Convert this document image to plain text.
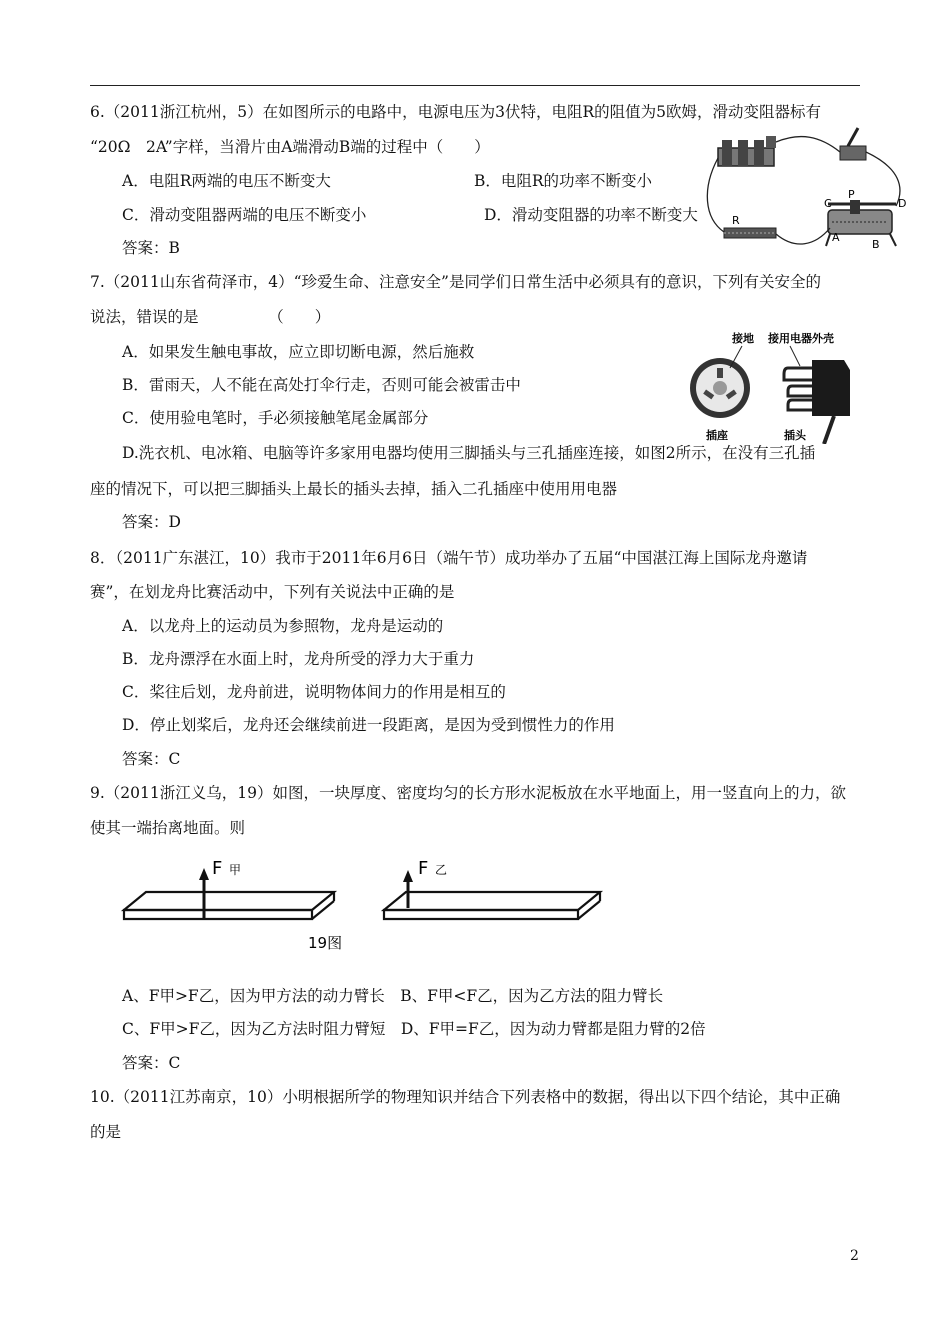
6.（2011浙江杭州，5）在如图所示的电路中，电源电压为3伏特，电阻R的阻值为5欧姆，滑动变阻器标有
“20Ω　2A”字样，当滑片由A端滑动B端的过程中（　　）
A．电阻R两端的电压不断变大	B．电阻R的功率不断变小
C．滑动变阻器两端的电压不断变小	D．滑动变阻器的功率不断变大
答案：B
R
C
P
D
A
B
7.（2011山东省荷泽市，4）“珍爱生命、注意安全”是同学们日常生活中必须具有的意识，下列有关安全的
说法，错误的是　　　　　（　　）
A．如果发生触电事故，应立即切断电源，然后施救
B．雷雨天，人不能在高处打伞行走，否则可能会被雷击中
C．使用验电笔时，手必须接触笔尾金属部分
D.洗衣机、电冰箱、电脑等许多家用电器均使用三脚插头与三孔插座连接，如图2所示，在没有三孔插
座的情况下，可以把三脚插头上最长的插头去掉，插入二孔插座中使用用电器
答案：D
接地 接用电器外壳
插座	插头
8．（2011广东湛江，10）我市于2011年6月6日（端午节）成功举办了五届“中国湛江海上国际龙舟邀请
赛”，在划龙舟比赛活动中，下列有关说法中正确的是
A．以龙舟上的运动员为参照物，龙舟是运动的
B．龙舟漂浮在水面上时，龙舟所受的浮力大于重力
C．桨往后划，龙舟前进，说明物体间力的作用是相互的
D．停止划桨后，龙舟还会继续前进一段距离，是因为受到惯性力的作用
答案：C
9.（2011浙江义乌，19）如图，一块厚度、密度均匀的长方形水泥板放在水平地面上，用一竖直向上的力，欲
使其一端抬离地面。则
F 甲	F 乙
19图
A、F甲>F乙，因为甲方法的动力臂长　B、F甲<F乙，因为乙方法的阻力臂长
C、F甲>F乙，因为乙方法时阻力臂短　D、F甲=F乙，因为动力臂都是阻力臂的2倍
答案：C
10.（2011江苏南京，10）小明根据所学的物理知识并结合下列表格中的数据，得出以下四个结论，其中正确
的是
2
